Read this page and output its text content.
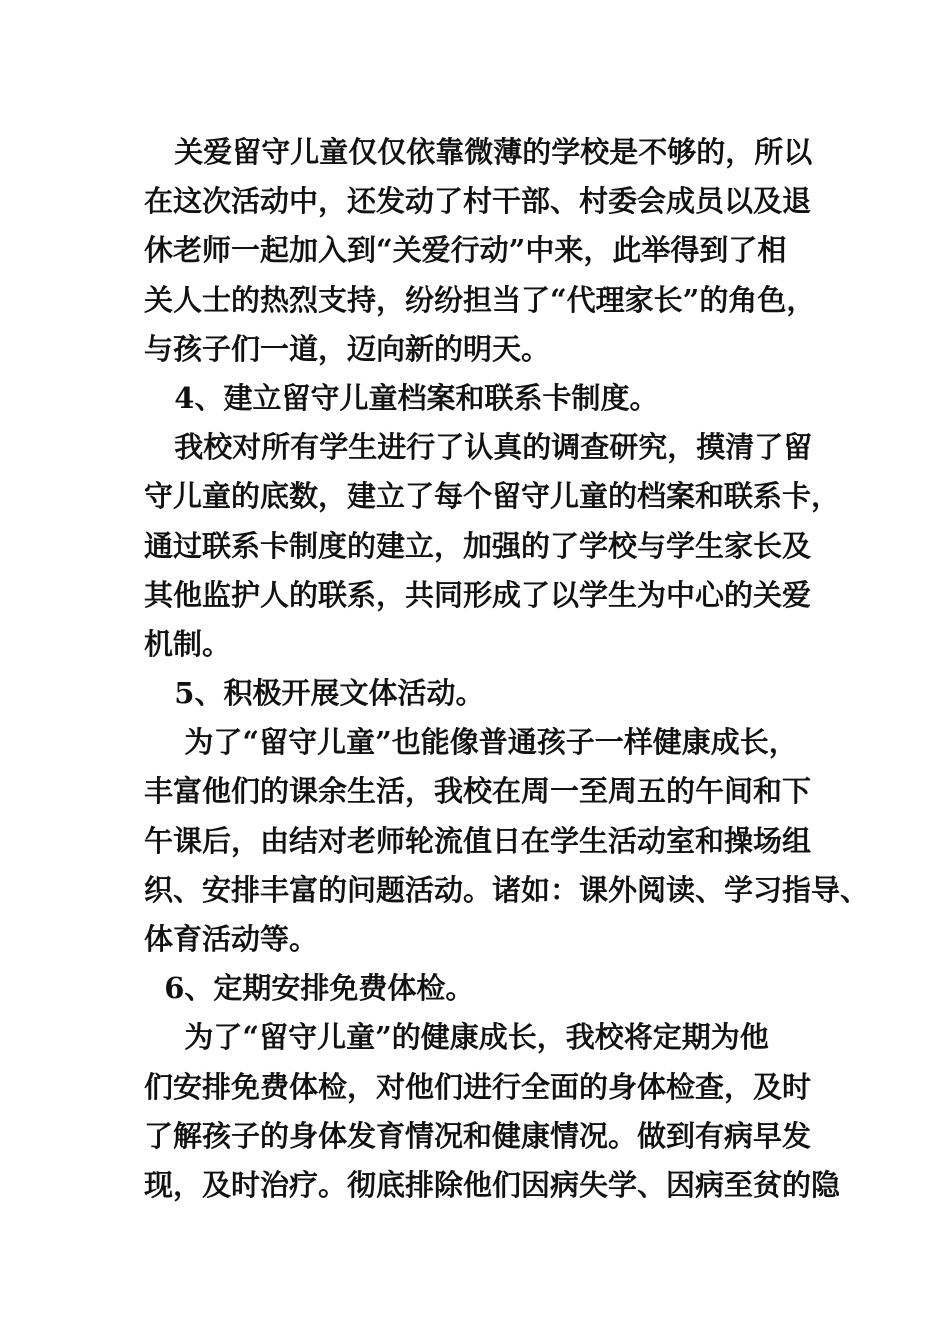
关爱留守儿童仅仅依靠微薄的学校是不够的，所以
在这次活动中，还发动了村干部、村委会成员以及退
休老师一起加入到“关爱行动”中来，此举得到了相
关人士的热烈支持，纷纷担当了“代理家长”的角色，
与孩子们一道，迈向新的明天。
4、建立留守儿童档案和联系卡制度。
我校对所有学生进行了认真的调查研究，摸清了留
守儿童的底数，建立了每个留守儿童的档案和联系卡，
通过联系卡制度的建立，加强的了学校与学生家长及
其他监护人的联系，共同形成了以学生为中心的关爱
机制。
5、积极开展文体活动。
为了“留守儿童”也能像普通孩子一样健康成长，
丰富他们的课余生活，我校在周一至周五的午间和下
午课后，由结对老师轮流值日在学生活动室和操场组
织、安排丰富的问题活动。诸如：课外阅读、学习指导、
体育活动等。
6、定期安排免费体检。
为了“留守儿童”的健康成长，我校将定期为他
们安排免费体检，对他们进行全面的身体检查，及时
了解孩子的身体发育情况和健康情况。做到有病早发
现，及时治疗。彻底排除他们因病失学、因病至贫的隐
